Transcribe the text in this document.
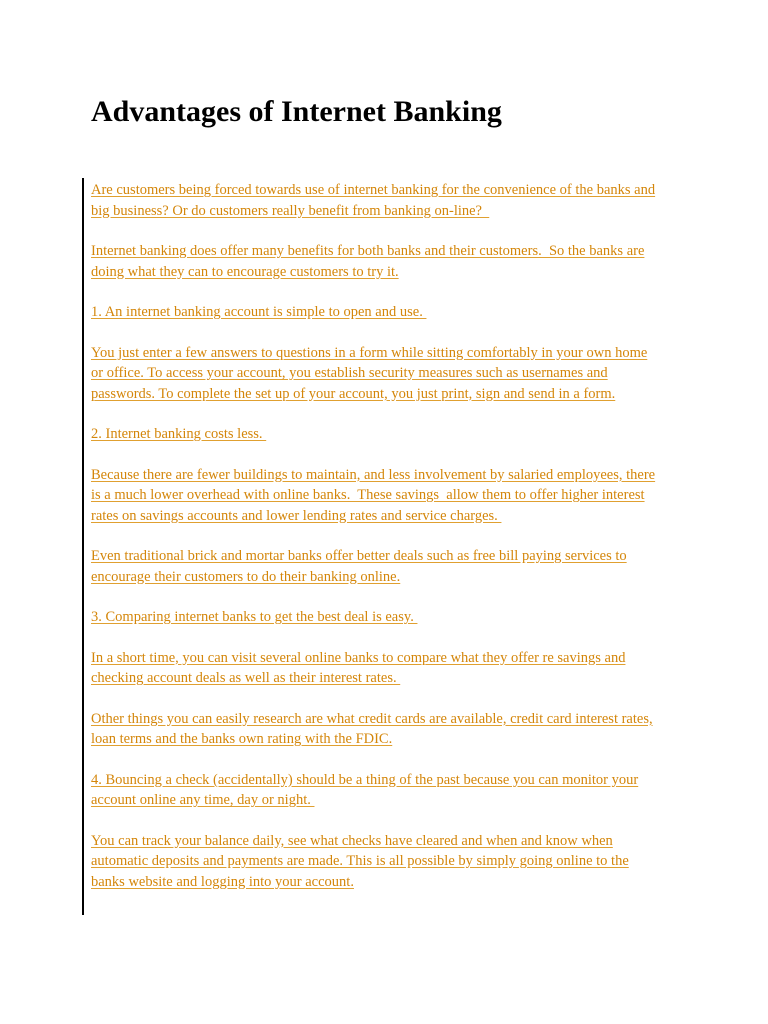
Advantages of Internet Banking

Are customers being forced towards use of internet banking for the convenience of the banks and
big business? Or do customers really benefit from banking on-line?

Internet banking does offer many benefits for both banks and their customers.  So the banks are
doing what they can to encourage customers to try it.

1. An internet banking account is simple to open and use.

You just enter a few answers to questions in a form while sitting comfortably in your own home
or office. To access your account, you establish security measures such as usernames and
passwords. To complete the set up of your account, you just print, sign and send in a form.

2. Internet banking costs less.

Because there are fewer buildings to maintain, and less involvement by salaried employees, there
is a much lower overhead with online banks.  These savings  allow them to offer higher interest
rates on savings accounts and lower lending rates and service charges.

Even traditional brick and mortar banks offer better deals such as free bill paying services to
encourage their customers to do their banking online.

3. Comparing internet banks to get the best deal is easy.

In a short time, you can visit several online banks to compare what they offer re savings and
checking account deals as well as their interest rates.

Other things you can easily research are what credit cards are available, credit card interest rates,
loan terms and the banks own rating with the FDIC.

4. Bouncing a check (accidentally) should be a thing of the past because you can monitor your
account online any time, day or night.

You can track your balance daily, see what checks have cleared and when and know when
automatic deposits and payments are made. This is all possible by simply going online to the
banks website and logging into your account.
